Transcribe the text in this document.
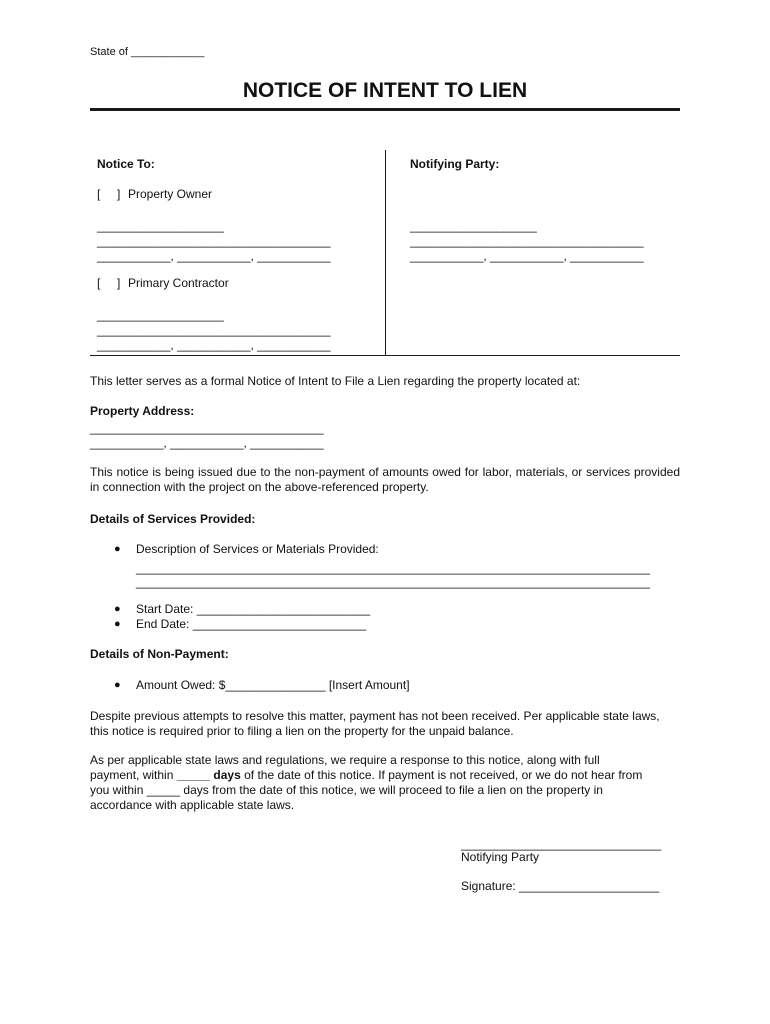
State of ____________
NOTICE OF INTENT TO LIEN
Notice To:
[     ] Property Owner
___________________
___________________________________
___________, ___________, ___________
[     ] Primary Contractor
___________________
___________________________________
___________, ___________, ___________
Notifying Party:
___________________
___________________________________
___________, ___________, ___________
This letter serves as a formal Notice of Intent to File a Lien regarding the property located at:
Property Address:
___________________________________
___________, ___________, ___________
This notice is being issued due to the non-payment of amounts owed for labor, materials, or services provided in connection with the project on the above-referenced property.
Details of Services Provided:
● Description of Services or Materials Provided:
_____________________________________________________________________________
_____________________________________________________________________________
● Start Date: __________________________
● End Date: __________________________
Details of Non-Payment:
● Amount Owed: $_______________ [Insert Amount]
Despite previous attempts to resolve this matter, payment has not been received. Per applicable state laws, this notice is required prior to filing a lien on the property for the unpaid balance.
As per applicable state laws and regulations, we require a response to this notice, along with full
payment, within _____ days of the date of this notice. If payment is not received, or we do not hear from
you within _____ days from the date of this notice, we will proceed to file a lien on the property in
accordance with applicable state laws.
______________________________
Notifying Party
Signature: _____________________
